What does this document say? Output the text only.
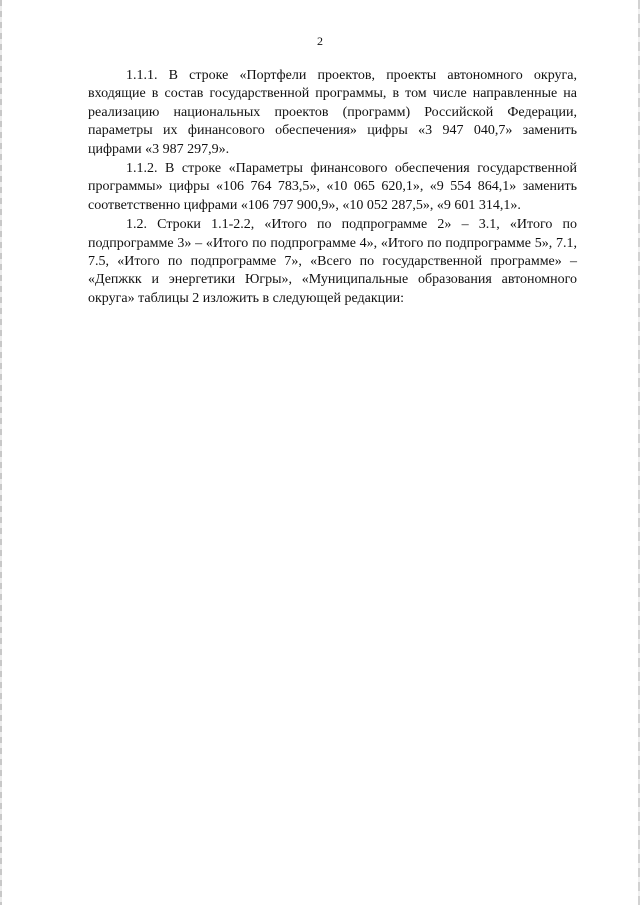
2

1.1.1. В строке «Портфели проектов, проекты автономного округа, входящие в состав государственной программы, в том числе направленные на реализацию национальных проектов (программ) Российской Федерации, параметры их финансового обеспечения» цифры «3 947 040,7» заменить цифрами «3 987 297,9».

1.1.2. В строке «Параметры финансового обеспечения государственной программы» цифры «106 764 783,5», «10 065 620,1», «9 554 864,1» заменить соответственно цифрами «106 797 900,9», «10 052 287,5», «9 601 314,1».

1.2. Строки 1.1-2.2, «Итого по подпрограмме 2» – 3.1, «Итого по подпрограмме 3» – «Итого по подпрограмме 4», «Итого по подпрограмме 5», 7.1, 7.5, «Итого по подпрограмме 7», «Всего по государственной программе» – «Депжкк и энергетики Югры», «Муниципальные образования автономного округа» таблицы 2 изложить в следующей редакции:
